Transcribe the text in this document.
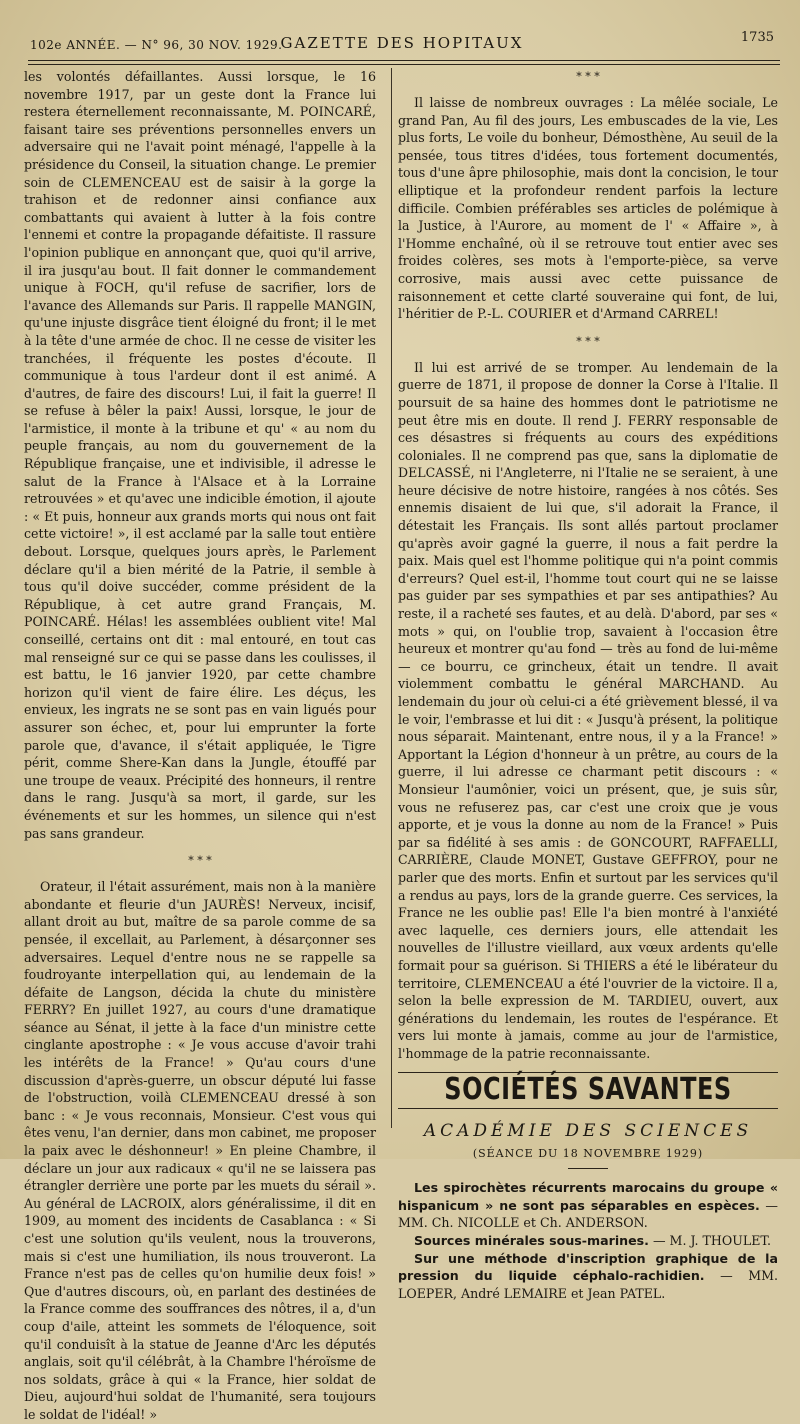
102e ANNÉE. — N° 96, 30 NOV. 1929.
GAZETTE DES HOPITAUX	1735

les volontés défaillantes. Aussi lorsque, le 16 novembre 1917, par un geste dont la France lui restera éternellement reconnaissante, M. POINCARÉ, faisant taire ses préventions personnelles envers un adversaire qui ne l'avait point ménagé, l'appelle à la présidence du Conseil, la situation change. Le premier soin de CLEMENCEAU est de saisir à la gorge la trahison et de redonner ainsi confiance aux combattants qui avaient à lutter à la fois contre l'ennemi et contre la propagande défaitiste. Il rassure l'opinion publique en annonçant que, quoi qu'il arrive, il ira jusqu'au bout. Il fait donner le commandement unique à FOCH, qu'il refuse de sacrifier, lors de l'avance des Allemands sur Paris. Il rappelle MANGIN, qu'une injuste disgrâce tient éloigné du front; il le met à la tête d'une armée de choc. Il ne cesse de visiter les tranchées, il fréquente les postes d'écoute. Il communique à tous l'ardeur dont il est animé. A d'autres, de faire des discours! Lui, il fait la guerre! Il se refuse à bêler la paix! Aussi, lorsque, le jour de l'armistice, il monte à la tribune et qu' « au nom du peuple français, au nom du gouvernement de la République française, une et indivisible, il adresse le salut de la France à l'Alsace et à la Lorraine retrouvées » et qu'avec une indicible émotion, il ajoute : « Et puis, honneur aux grands morts qui nous ont fait cette victoire! », il est acclamé par la salle tout entière debout. Lorsque, quelques jours après, le Parlement déclare qu'il a bien mérité de la Patrie, il semble à tous qu'il doive succéder, comme président de la République, à cet autre grand Français, M. POINCARÉ. Hélas! les assemblées oublient vite! Mal conseillé, certains ont dit : mal entouré, en tout cas mal renseigné sur ce qui se passe dans les coulisses, il est battu, le 16 janvier 1920, par cette chambre horizon qu'il vient de faire élire. Les déçus, les envieux, les ingrats ne se sont pas en vain ligués pour assurer son échec, et, pour lui emprunter la forte parole que, d'avance, il s'était appliquée, le Tigre périt, comme Shere-Kan dans la Jungle, étouffé par une troupe de veaux. Précipité des honneurs, il rentre dans le rang. Jusqu'à sa mort, il garde, sur les événements et sur les hommes, un silence qui n'est pas sans grandeur.

* * *

Orateur, il l'était assurément, mais non à la manière abondante et fleurie d'un JAURÈS! Nerveux, incisif, allant droit au but, maître de sa parole comme de sa pensée, il excellait, au Parlement, à désarçonner ses adversaires. Lequel d'entre nous ne se rappelle sa foudroyante interpellation qui, au lendemain de la défaite de Langson, décida la chute du ministère FERRY? En juillet 1927, au cours d'une dramatique séance au Sénat, il jette à la face d'un ministre cette cinglante apostrophe : « Je vous accuse d'avoir trahi les intérêts de la France! » Qu'au cours d'une discussion d'après-guerre, un obscur député lui fasse de l'obstruction, voilà CLEMENCEAU dressé à son banc : « Je vous reconnais, Monsieur. C'est vous qui êtes venu, l'an dernier, dans mon cabinet, me proposer la paix avec le déshonneur! » En pleine Chambre, il déclare un jour aux radicaux « qu'il ne se laissera pas étrangler derrière une porte par les muets du sérail ». Au général de LACROIX, alors généralissime, il dit en 1909, au moment des incidents de Casablanca : « Si c'est une solution qu'ils veulent, nous la trouverons, mais si c'est une humiliation, ils nous trouveront. La France n'est pas de celles qu'on humilie deux fois! » Que d'autres discours, où, en parlant des destinées de la France comme des souffrances des nôtres, il a, d'un coup d'aile, atteint les sommets de l'éloquence, soit qu'il conduisît à la statue de Jeanne d'Arc les députés anglais, soit qu'il célébrât, à la Chambre l'héroïsme de nos soldats, grâce à qui « la France, hier soldat de Dieu, aujourd'hui soldat de l'humanité, sera toujours le soldat de l'idéal! »

* * *

Il laisse de nombreux ouvrages : La mêlée sociale, Le grand Pan, Au fil des jours, Les embuscades de la vie, Les plus forts, Le voile du bonheur, Démosthène, Au seuil de la pensée, tous titres d'idées, tous fortement documentés, tous d'une âpre philosophie, mais dont la concision, le tour elliptique et la profondeur rendent parfois la lecture difficile. Combien préférables ses articles de polémique à la Justice, à l'Aurore, au moment de l' « Affaire », à l'Homme enchaîné, où il se retrouve tout entier avec ses froides colères, ses mots à l'emporte-pièce, sa verve corrosive, mais aussi avec cette puissance de raisonnement et cette clarté souveraine qui font, de lui, l'héritier de P.-L. COURIER et d'Armand CARREL!

* * *

Il lui est arrivé de se tromper. Au lendemain de la guerre de 1871, il propose de donner la Corse à l'Italie. Il poursuit de sa haine des hommes dont le patriotisme ne peut être mis en doute. Il rend J. FERRY responsable de ces désastres si fréquents au cours des expéditions coloniales. Il ne comprend pas que, sans la diplomatie de DELCASSÉ, ni l'Angleterre, ni l'Italie ne se seraient, à une heure décisive de notre histoire, rangées à nos côtés. Ses ennemis disaient de lui que, s'il adorait la France, il détestait les Français. Ils sont allés partout proclamer qu'après avoir gagné la guerre, il nous a fait perdre la paix. Mais quel est l'homme politique qui n'a point commis d'erreurs? Quel est-il, l'homme tout court qui ne se laisse pas guider par ses sympathies et par ses antipathies? Au reste, il a racheté ses fautes, et au delà. D'abord, par ses « mots » qui, on l'oublie trop, savaient à l'occasion être heureux et montrer qu'au fond — très au fond de lui-même — ce bourru, ce grincheux, était un tendre. Il avait violemment combattu le général MARCHAND. Au lendemain du jour où celui-ci a été grièvement blessé, il va le voir, l'embrasse et lui dit : « Jusqu'à présent, la politique nous séparait. Maintenant, entre nous, il y a la France! » Apportant la Légion d'honneur à un prêtre, au cours de la guerre, il lui adresse ce charmant petit discours : « Monsieur l'aumônier, voici un présent, que, je suis sûr, vous ne refuserez pas, car c'est une croix que je vous apporte, et je vous la donne au nom de la France! » Puis par sa fidélité à ses amis : de GONCOURT, RAFFAELLI, CARRIÈRE, Claude MONET, Gustave GEFFROY, pour ne parler que des morts. Enfin et surtout par les services qu'il a rendus au pays, lors de la grande guerre. Ces services, la France ne les oublie pas! Elle l'a bien montré à l'anxiété avec laquelle, ces derniers jours, elle attendait les nouvelles de l'illustre vieillard, aux vœux ardents qu'elle formait pour sa guérison. Si THIERS a été le libérateur du territoire, CLEMENCEAU a été l'ouvrier de la victoire. Il a, selon la belle expression de M. TARDIEU, ouvert, aux générations du lendemain, les routes de l'espérance. Et vers lui monte à jamais, comme au jour de l'armistice, l'hommage de la patrie reconnaissante.

SOCIÉTÉS SAVANTES
ACADÉMIE DES SCIENCES
(SÉANCE DU 18 NOVEMBRE 1929)

Les spirochètes récurrents marocains du groupe « hispanicum » ne sont pas séparables en espèces. — MM. Ch. NICOLLE et Ch. ANDERSON.

Sources minérales sous-marines. — M. J. THOULET.

Sur une méthode d'inscription graphique de la pression du liquide céphalo-rachidien. — MM. LOEPER, André LEMAIRE et Jean PATEL.
